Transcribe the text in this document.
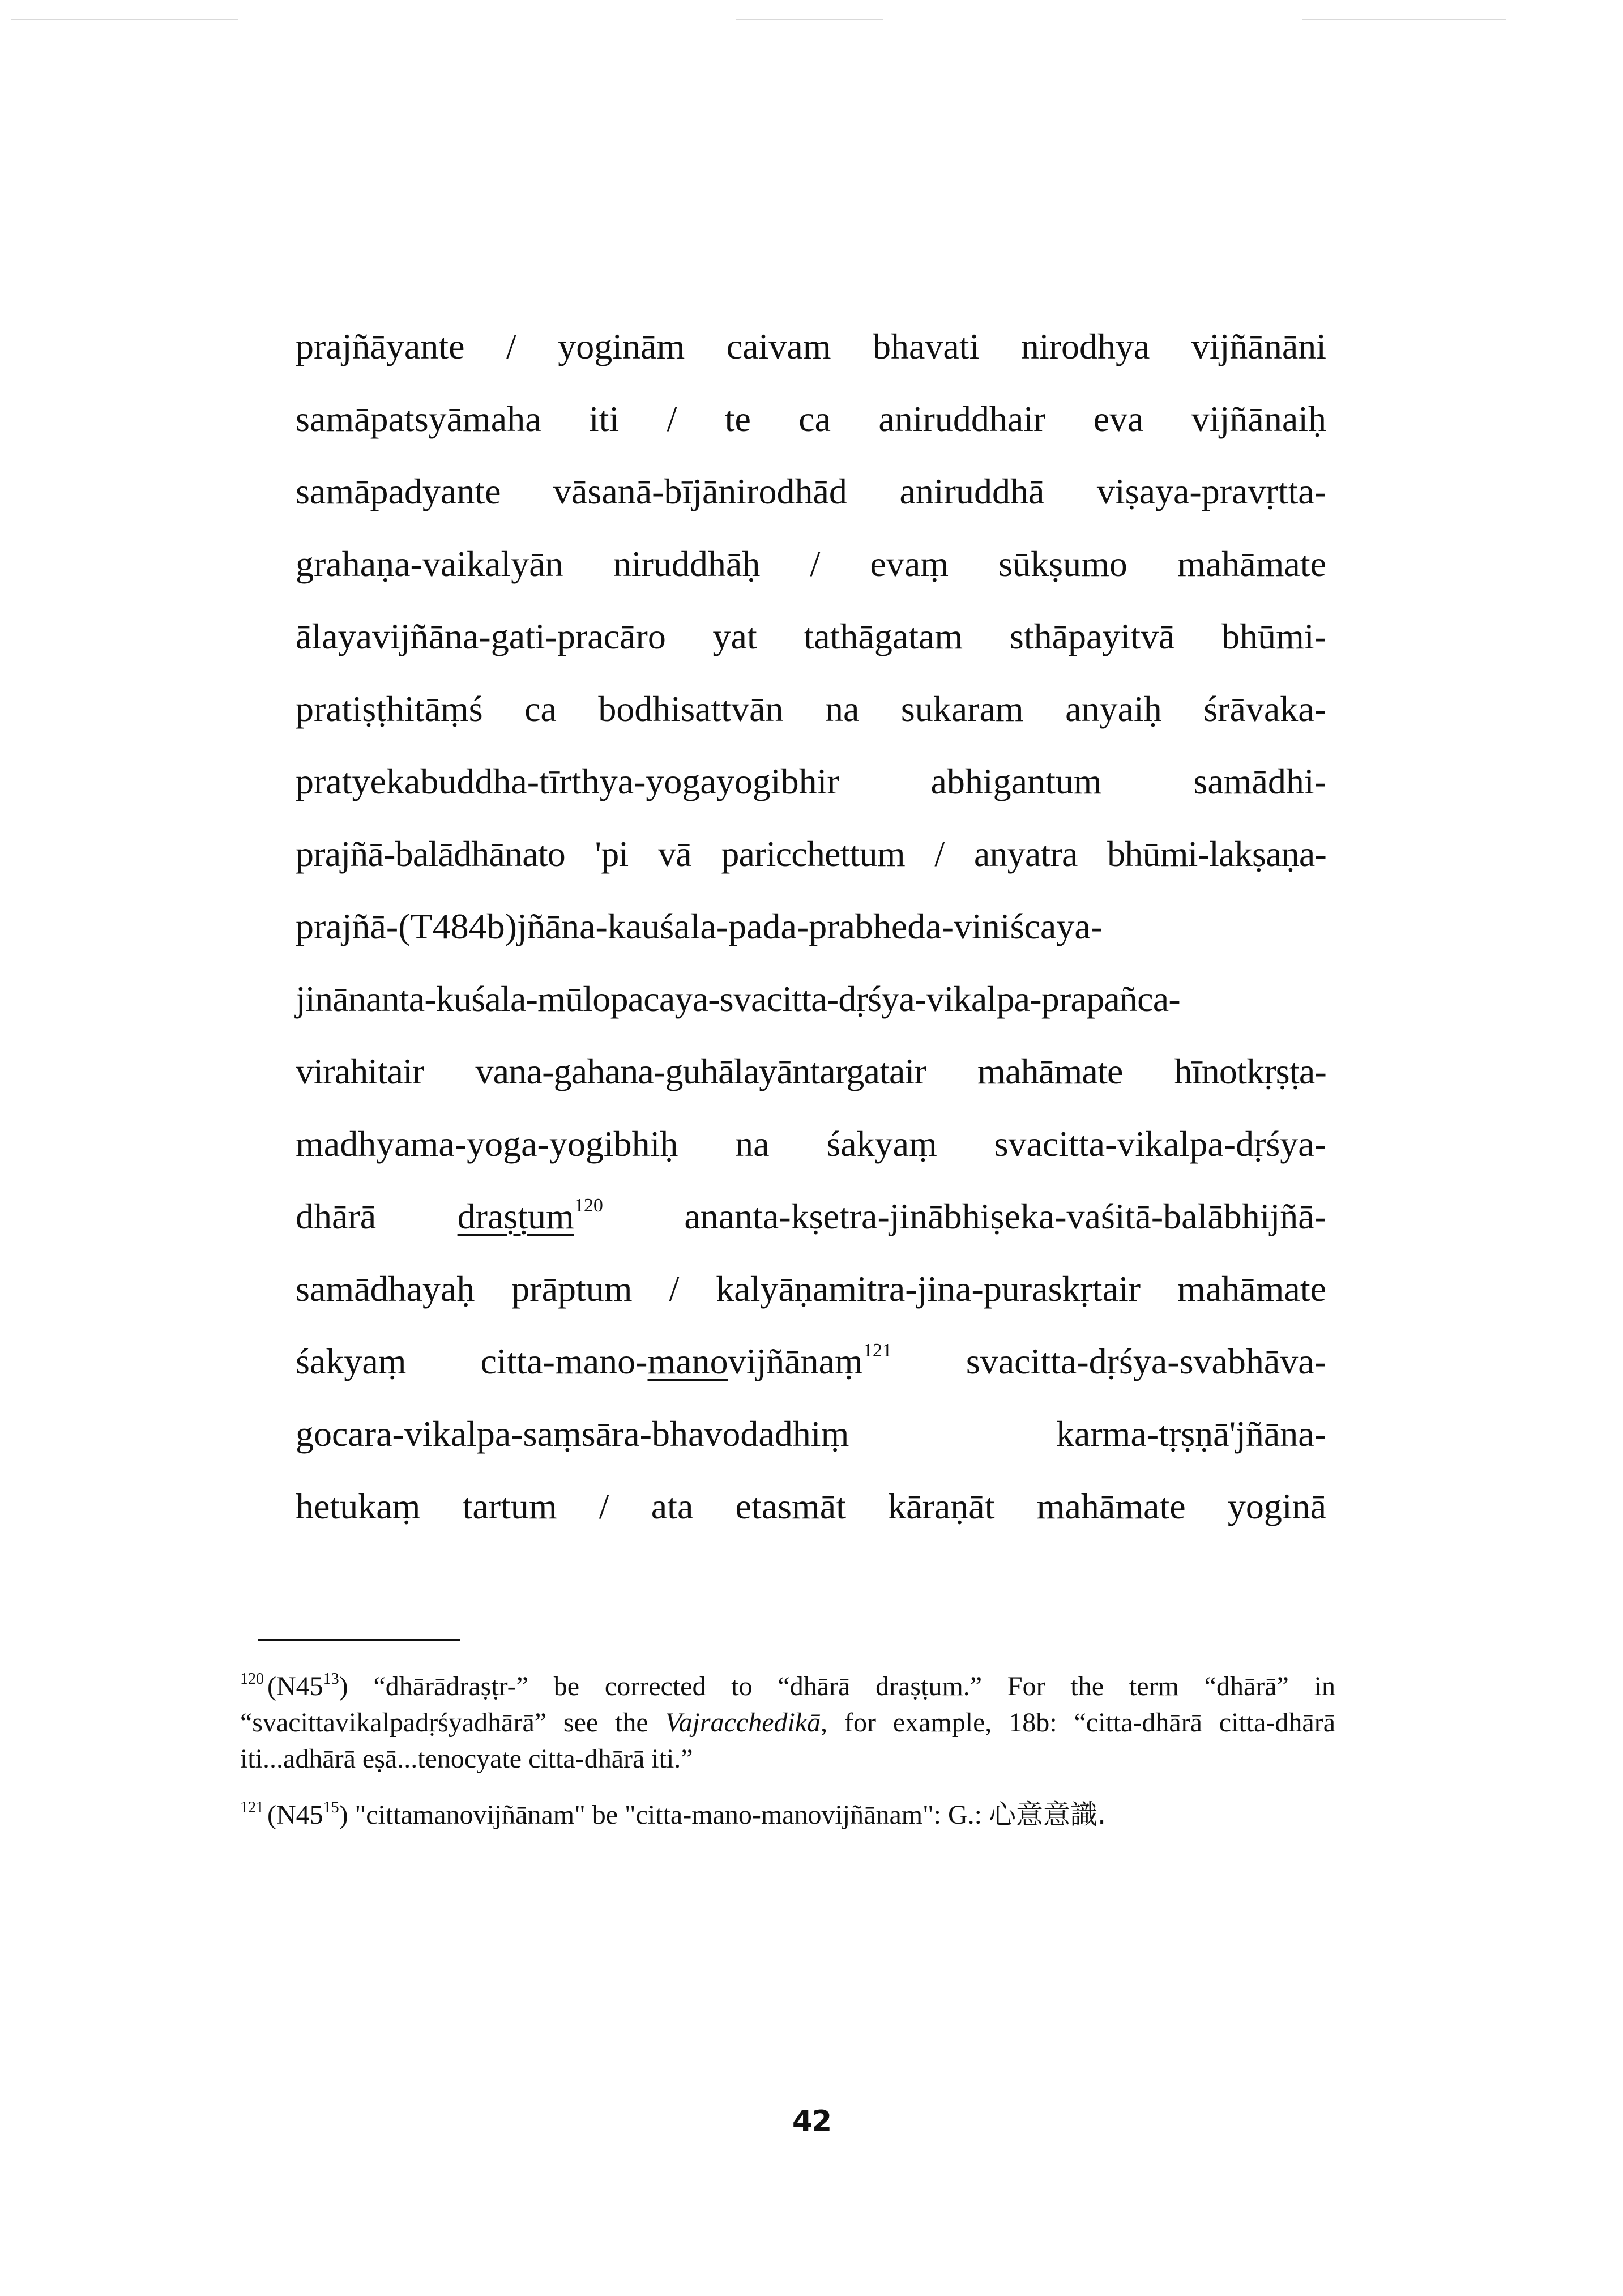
prajñāyante / yoginām caivam bhavati nirodhya vijñānāni
samāpatsyāmaha iti / te ca aniruddhair eva vijñānaiḥ
samāpadyante vāsanā-bījānirodhād aniruddhā viṣaya-pravṛtta-
grahaṇa-vaikalyān niruddhāḥ / evaṃ sūkṣumo mahāmate
ālayavijñāna-gati-pracāro yat tathāgatam sthāpayitvā bhūmi-
pratiṣṭhitāṃś ca bodhisattvān na sukaram anyaiḥ śrāvaka-
pratyekabuddha-tīrthya-yogayogibhir abhigantum samādhi-
prajñā-balādhānato 'pi vā paricchettum / anyatra bhūmi-lakṣaṇa-
prajñā-(T484b)jñāna-kauśala-pada-prabheda-viniścaya-
jinānanta-kuśala-mūlopacaya-svacitta-dṛśya-vikalpa-prapañca-
virahitair vana-gahana-guhālayāntargatair mahāmate hīnotkṛṣṭa-
madhyama-yoga-yogibhiḥ na śakyaṃ svacitta-vikalpa-dṛśya-
dhārā draṣṭum$^{120}$ ananta-kṣetra-jinābhiṣeka-vaśitā-balābhijñā-
samādhayaḥ prāptum / kalyāṇamitra-jina-puraskṛtair mahāmate
śakyaṃ citta-mano-manovijñānaṃ$^{121}$ svacitta-dṛśya-svabhāva-
gocara-vikalpa-saṃsāra-bhavodadhiṃ	karma-tṛṣṇā'jñāna-
hetukaṃ tartum / ata etasmāt kāraṇāt mahāmate yoginā
$^{120}$ $(N45^{13})$ “dhārādraṣṭr-” be corrected to “dhārā draṣṭum.” For the term “dhārā” in “svacittavikalpadṛśyadhārā” see the Vajracchedikā, for example, 18b: “citta-dhārā citta-dhārā iti...adhārā eṣā...tenocyate citta-dhārā iti.”
$^{121}$ $(N45^{15})$ "cittamanovijñānam" be "citta-mano-manovijñānam": G.: 心意意識.
42
